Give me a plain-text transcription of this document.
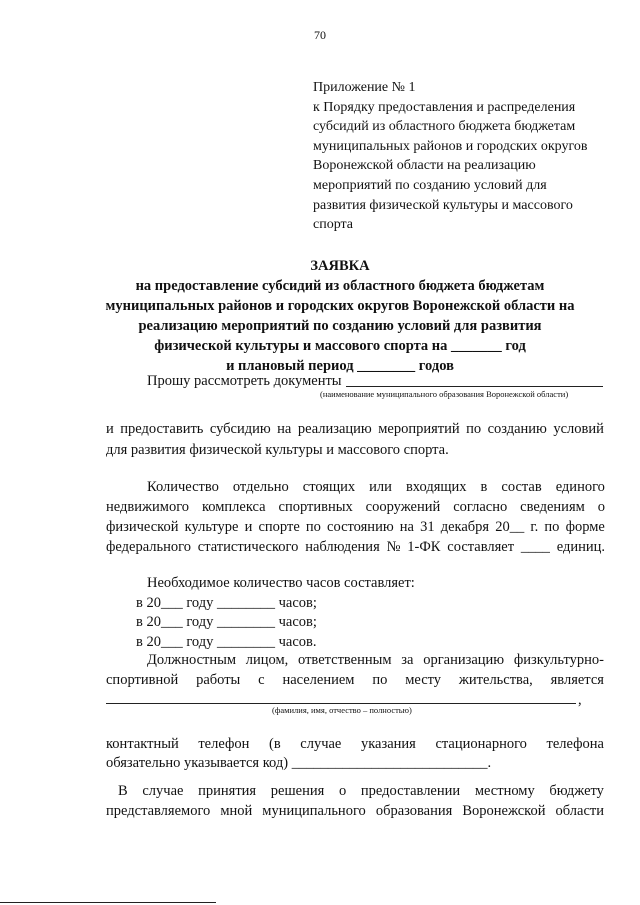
70
Приложение № 1
к Порядку предоставления и распределения
субсидий из областного бюджета бюджетам
муниципальных районов и городских округов
Воронежской области на реализацию
мероприятий по созданию условий для
развития физической культуры и массового
спорта
ЗАЯВКА
на предоставление субсидий из областного бюджета бюджетам
муниципальных районов и городских округов Воронежской области на
реализацию мероприятий по созданию условий для развития
физической культуры и массового спорта на _______ год
и плановый период ________ годов
Прошу рассмотреть документы
(наименование муниципального образования Воронежской области)
и предоставить субсидию на реализацию мероприятий по созданию условий
для развития физической культуры и массового спорта.
Количество отдельно стоящих или входящих в состав единого
недвижимого комплекса спортивных сооружений согласно сведениям о
физической культуре и спорте по состоянию на 31 декабря 20__ г. по форме
федерального статистического наблюдения № 1-ФК составляет ____ единиц.
Необходимое количество часов составляет:
в 20___ году ________ часов;
в 20___ году ________ часов;
в 20___ году ________ часов.
Должностным лицом, ответственным за организацию физкультурно-
спортивной работы с населением по месту жительства, является
,
(фамилия, имя, отчество – полностью)
контактный телефон (в случае указания стационарного телефона
обязательно указывается код) ___________________________.
В случае принятия решения о предоставлении местному бюджету
представляемого мной муниципального образования Воронежской области
